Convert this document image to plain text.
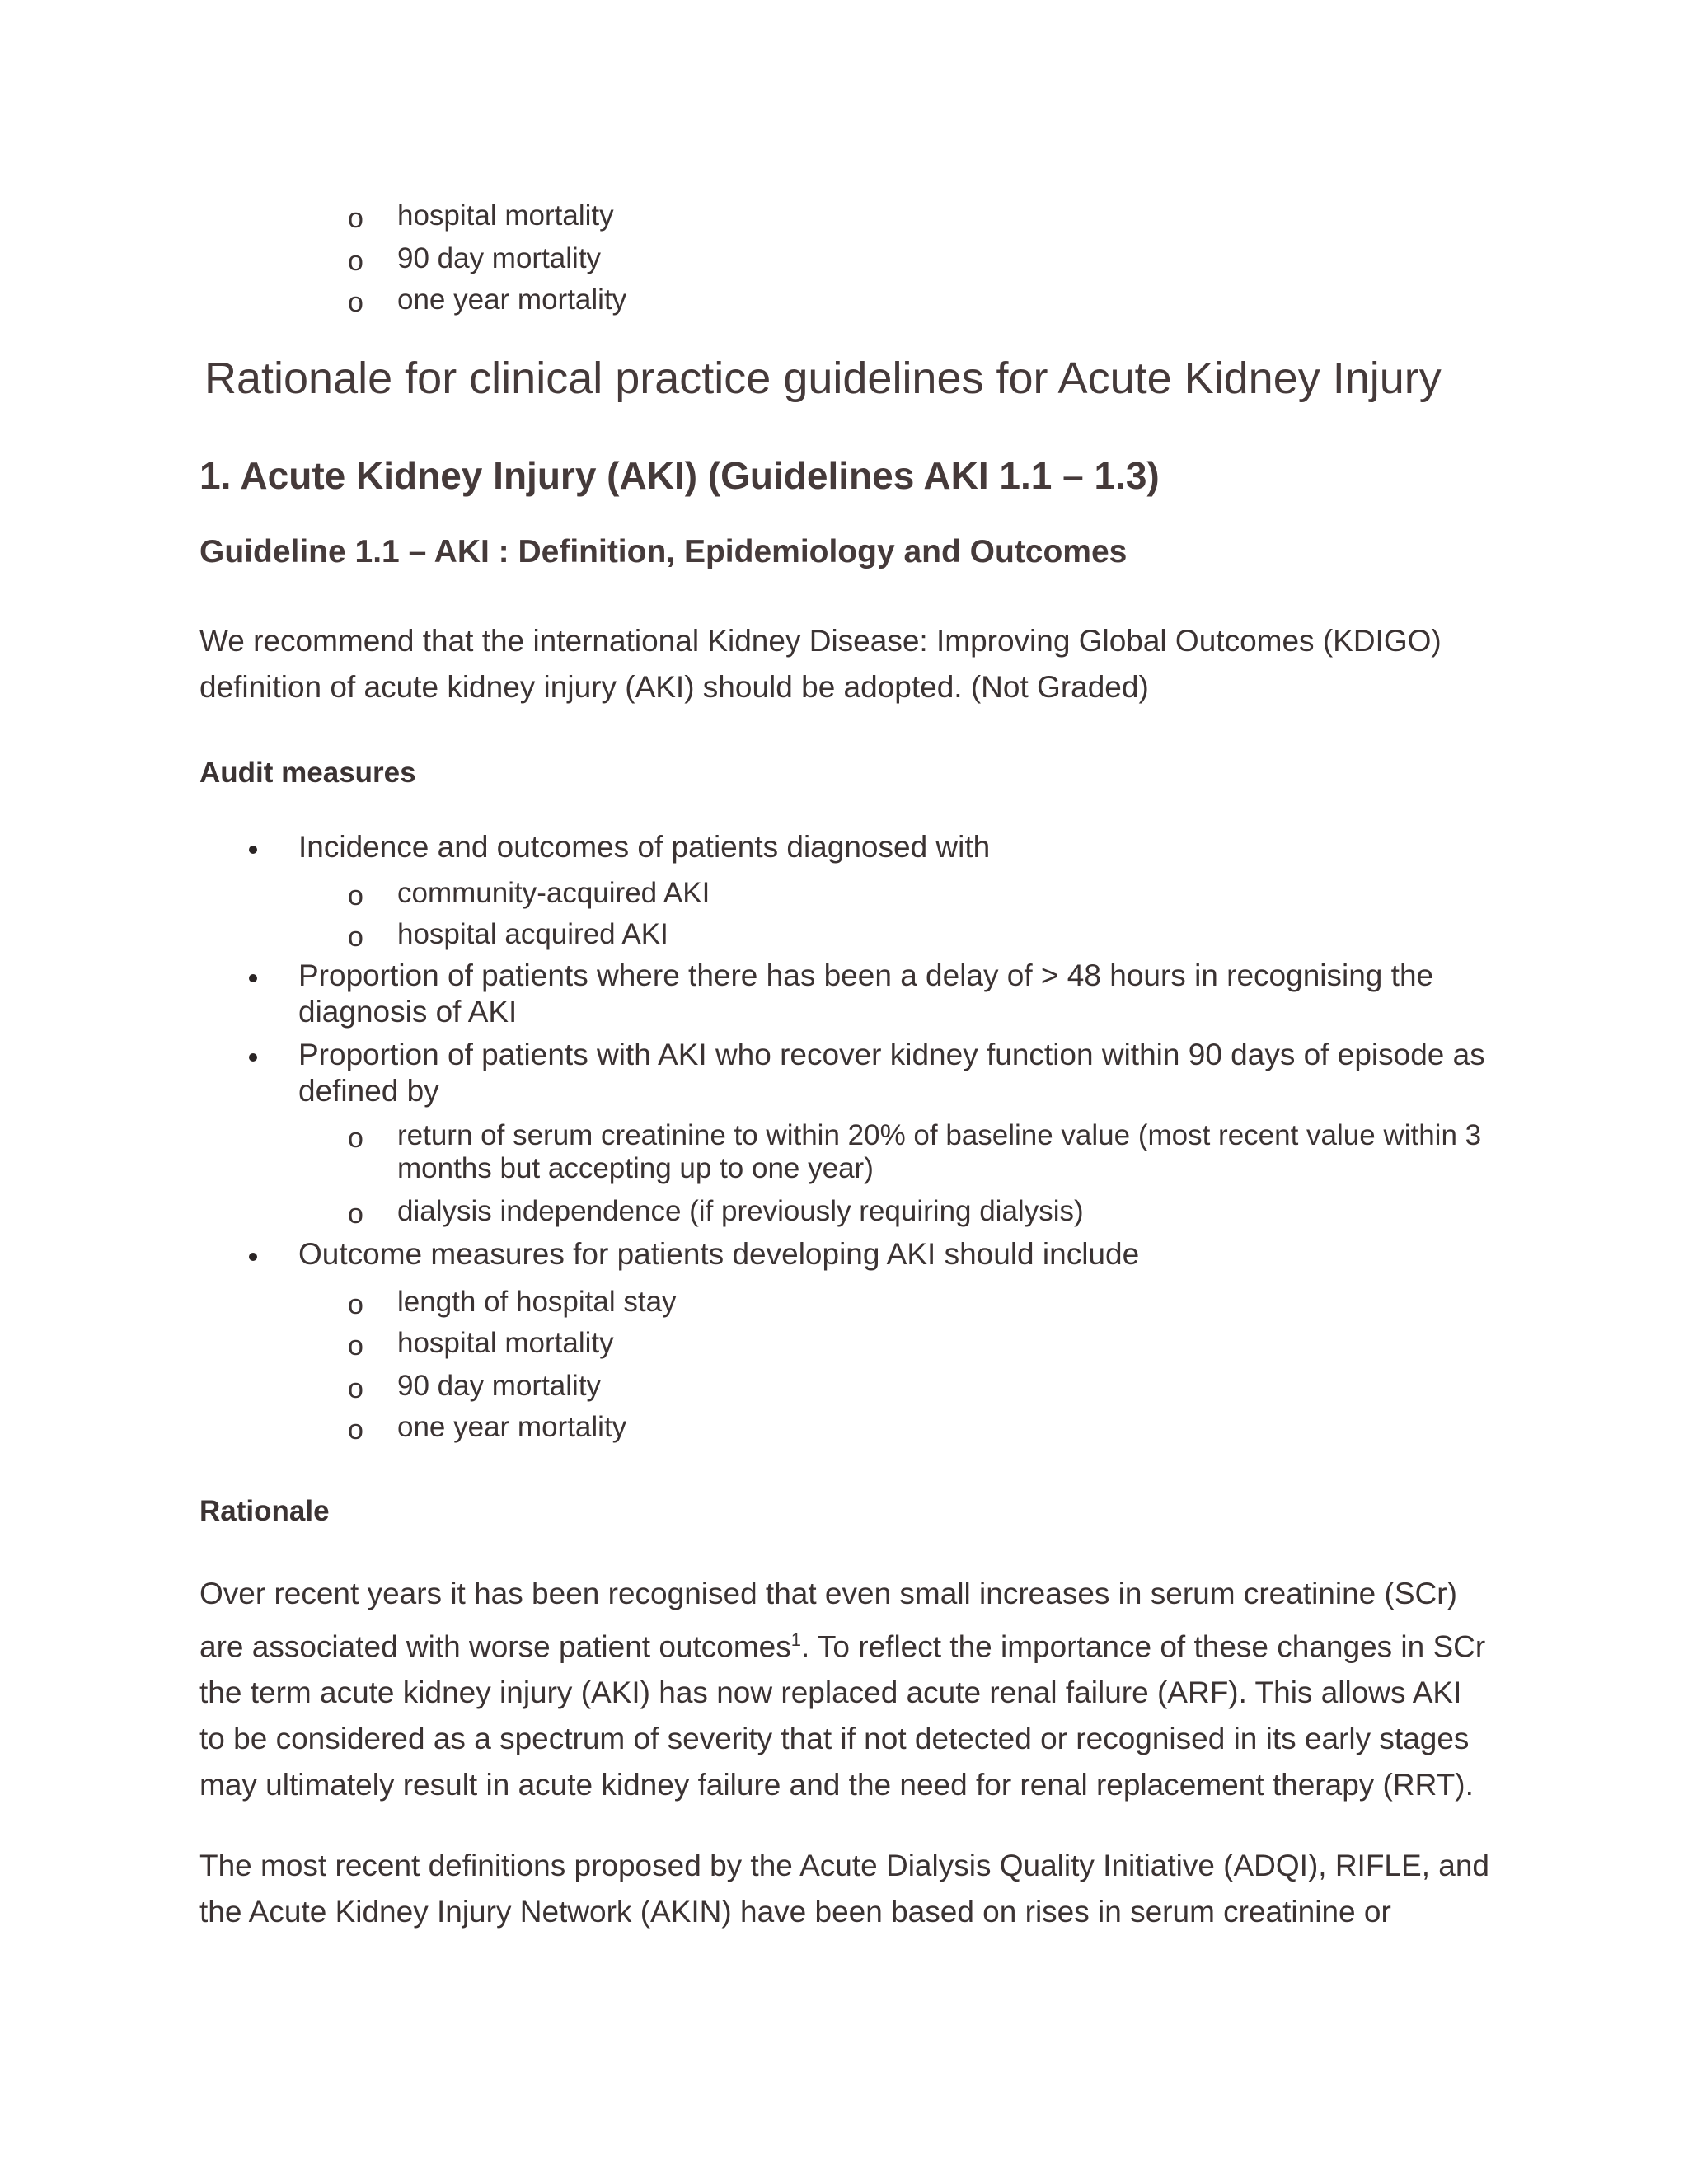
o hospital mortality
o 90 day mortality
o one year mortality
Rationale for clinical practice guidelines for Acute Kidney Injury
1. Acute Kidney Injury (AKI) (Guidelines AKI 1.1 – 1.3)
Guideline 1.1 – AKI : Definition, Epidemiology and Outcomes
We recommend that the international Kidney Disease: Improving Global Outcomes (KDIGO)
definition of acute kidney injury (AKI) should be adopted. (Not Graded)
Audit measures
Incidence and outcomes of patients diagnosed with
o community-acquired AKI
o hospital acquired AKI
Proportion of patients where there has been a delay of > 48 hours in recognising the diagnosis of AKI
Proportion of patients with AKI who recover kidney function within 90 days of episode as defined by
o return of serum creatinine to within 20% of baseline value (most recent value within 3 months but accepting up to one year)
o dialysis independence (if previously requiring dialysis)
Outcome measures for patients developing AKI should include
o length of hospital stay
o hospital mortality
o 90 day mortality
o one year mortality
Rationale
Over recent years it has been recognised that even small increases in serum creatinine (SCr)
are associated with worse patient outcomes$^1$. To reflect the importance of these changes in SCr
the term acute kidney injury (AKI) has now replaced acute renal failure (ARF). This allows AKI
to be considered as a spectrum of severity that if not detected or recognised in its early stages
may ultimately result in acute kidney failure and the need for renal replacement therapy (RRT).
The most recent definitions proposed by the Acute Dialysis Quality Initiative (ADQI), RIFLE, and
the Acute Kidney Injury Network (AKIN) have been based on rises in serum creatinine or
